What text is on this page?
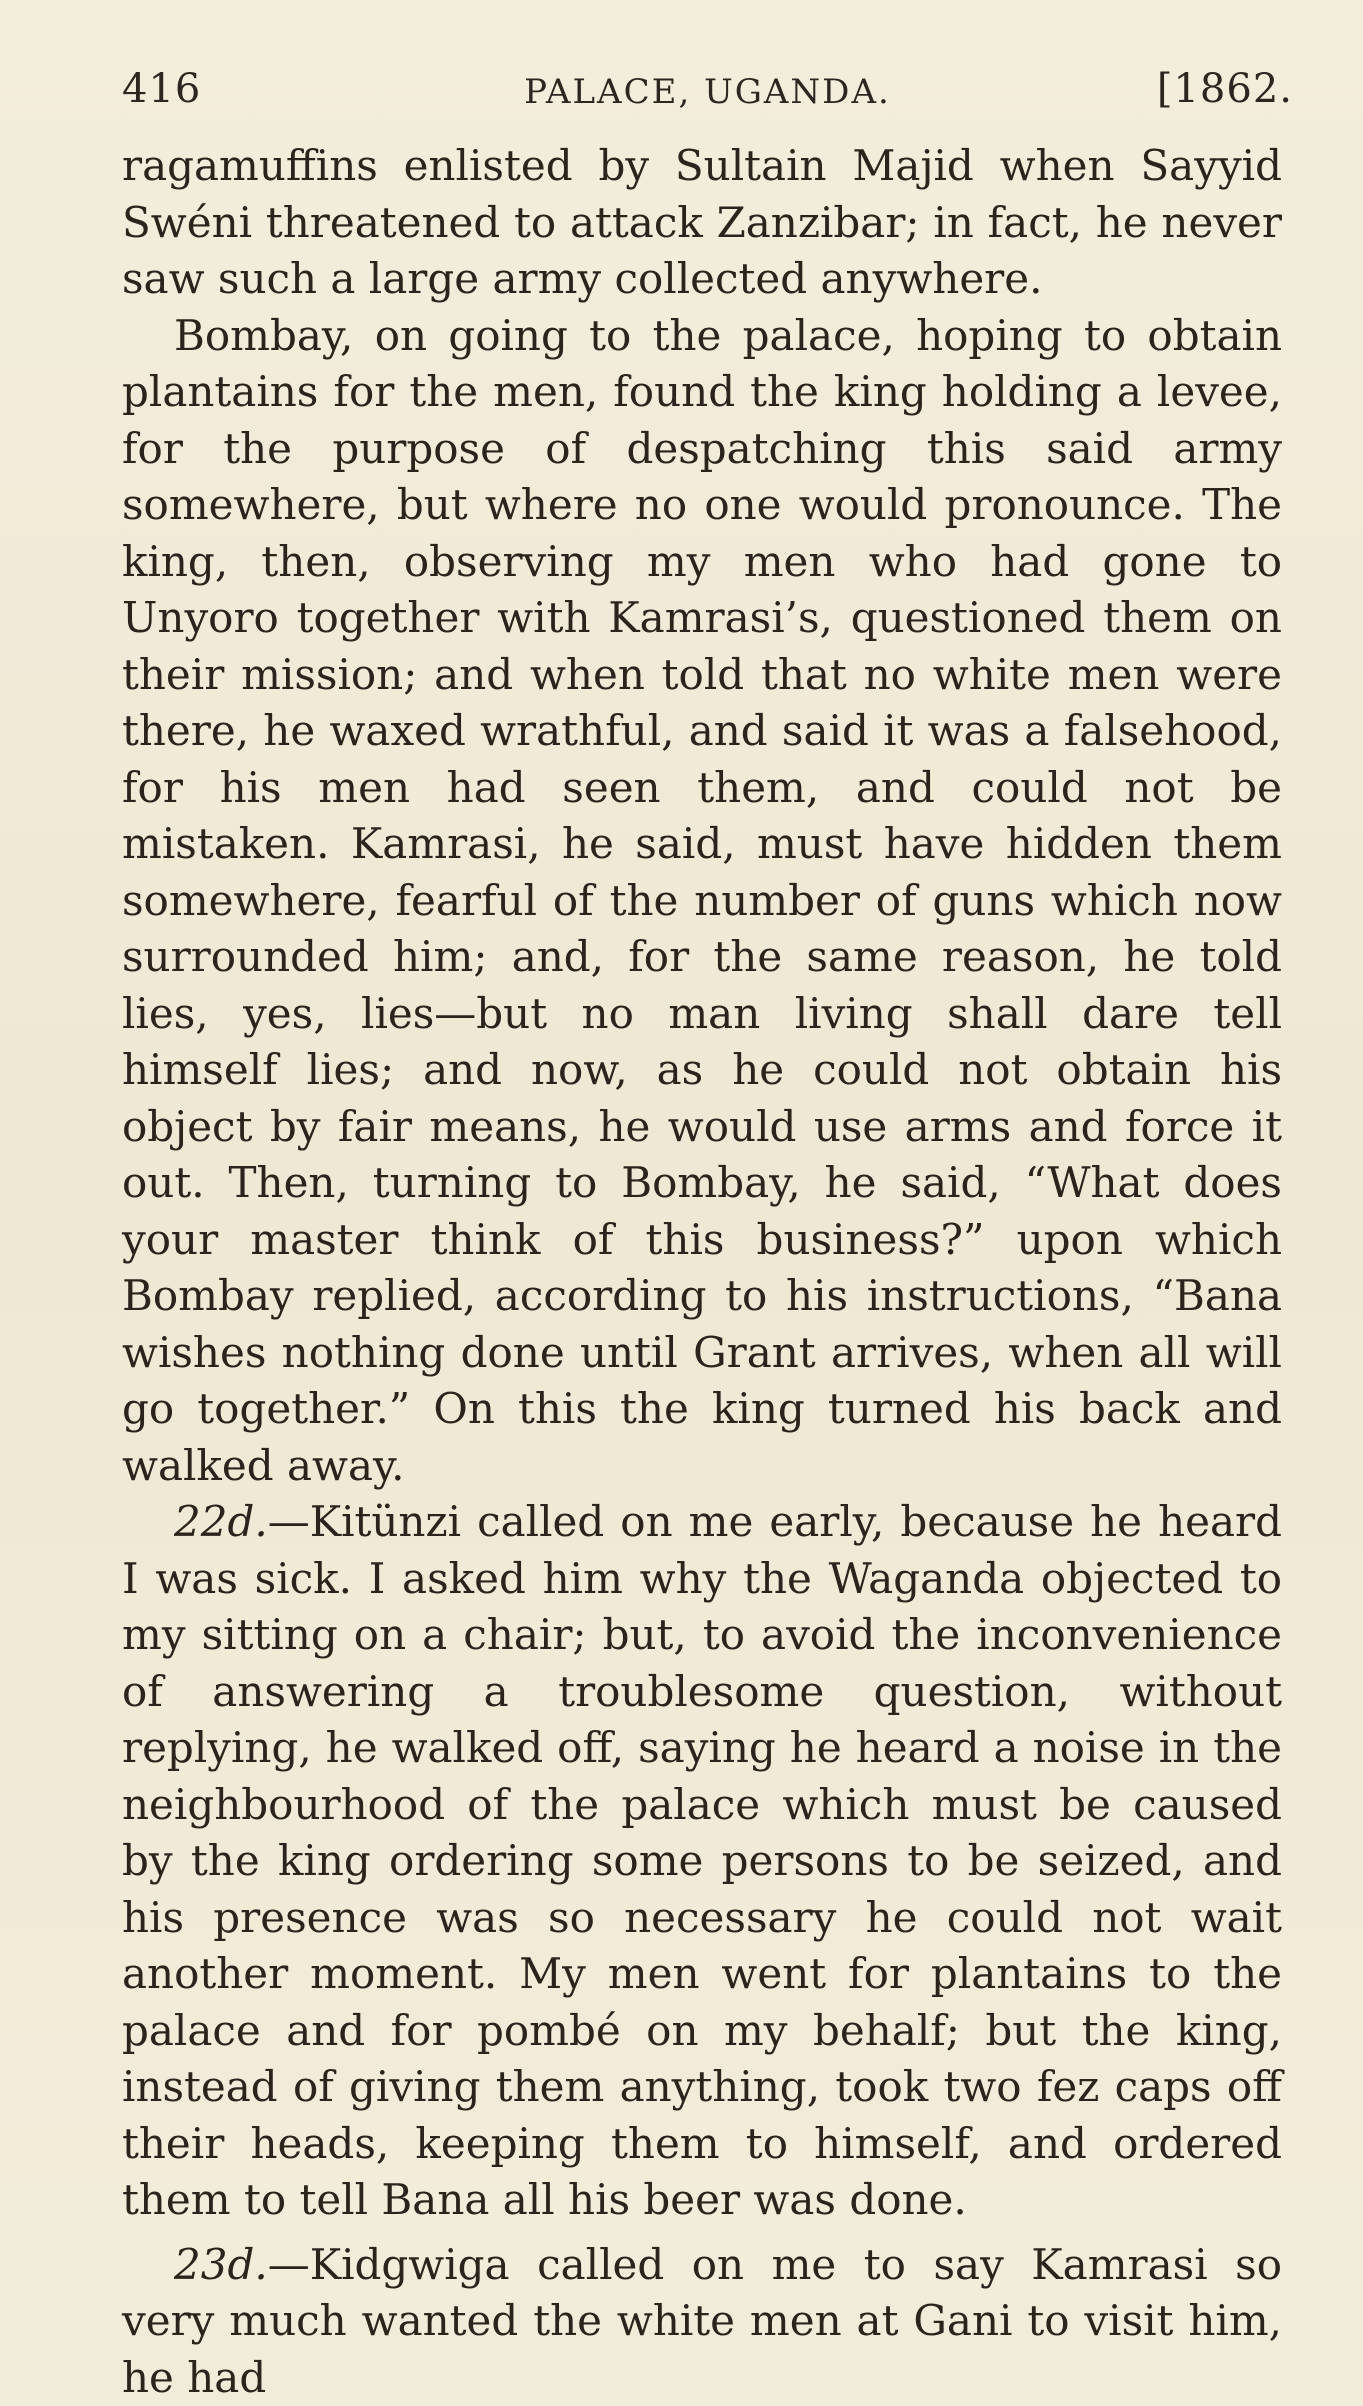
416	PALACE, UGANDA.	[1862.

ragamuffins enlisted by Sultain Majid when Sayyid Swéni threatened to attack Zanzibar; in fact, he never saw such a large army collected anywhere.

Bombay, on going to the palace, hoping to obtain plantains for the men, found the king holding a levee, for the purpose of despatching this said army somewhere, but where no one would pronounce. The king, then, observing my men who had gone to Unyoro together with Kamrasi’s, questioned them on their mission; and when told that no white men were there, he waxed wrathful, and said it was a falsehood, for his men had seen them, and could not be mistaken. Kamrasi, he said, must have hidden them somewhere, fearful of the number of guns which now surrounded him; and, for the same reason, he told lies, yes, lies—but no man living shall dare tell himself lies; and now, as he could not obtain his object by fair means, he would use arms and force it out. Then, turning to Bombay, he said, “What does your master think of this business?” upon which Bombay replied, according to his instructions, “Bana wishes nothing done until Grant arrives, when all will go together.” On this the king turned his back and walked away.

22d.—Kitünzi called on me early, because he heard I was sick. I asked him why the Waganda objected to my sitting on a chair; but, to avoid the inconvenience of answering a troublesome question, without replying, he walked off, saying he heard a noise in the neighbourhood of the palace which must be caused by the king ordering some persons to be seized, and his presence was so necessary he could not wait another moment. My men went for plantains to the palace and for pombé on my behalf; but the king, instead of giving them anything, took two fez caps off their heads, keeping them to himself, and ordered them to tell Bana all his beer was done.

23d.—Kidgwiga called on me to say Kamrasi so very much wanted the white men at Gani to visit him, he had
